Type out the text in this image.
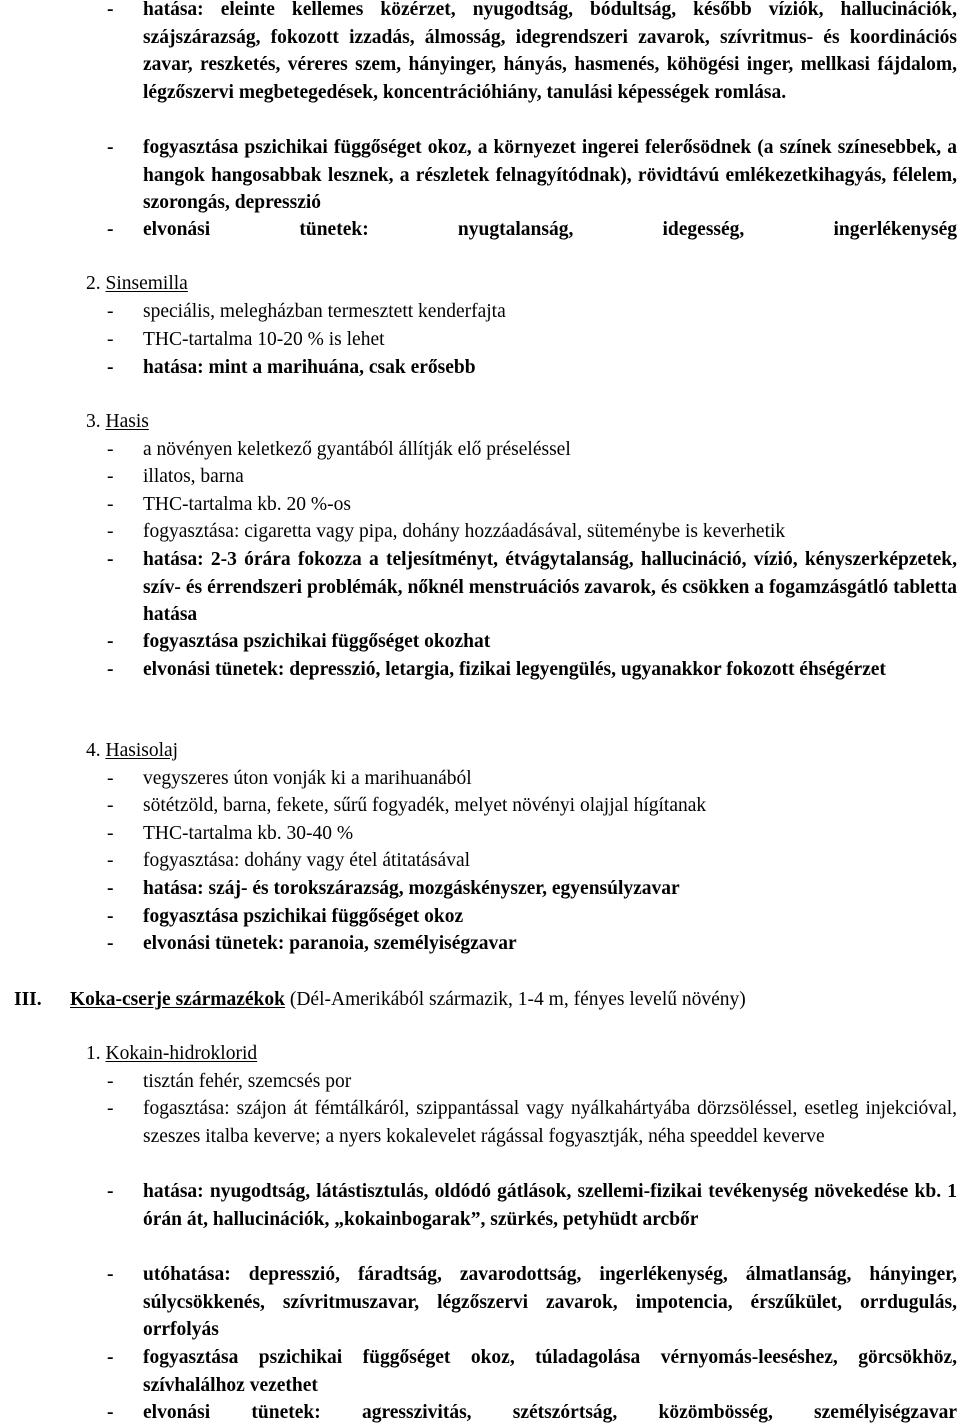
- hatása: eleinte kellemes közérzet, nyugodtság, bódultság, később víziók, hallucinációk, szájszárazság, fokozott izzadás, álmosság, idegrendszeri zavarok, szívritmus- és koordinációs zavar, reszketés, véreres szem, hányinger, hányás, hasmenés, köhögési inger, mellkasi fájdalom, légzőszervi megbetegedések, koncentrációhiány, tanulási képességek romlása.
- fogyasztása pszichikai függőséget okoz, a környezet ingerei felerősödnek (a színek színesebbek, a hangok hangosabbak lesznek, a részletek felnagyítódnak), rövidtávú emlékezetkihagyás, félelem, szorongás, depresszió
- elvonási tünetek: nyugtalanság, idegesség, ingerlékenység
2. Sinsemilla
- speciális, melegházban termesztett kenderfajta
- THC-tartalma 10-20 % is lehet
- hatása: mint a marihuána, csak erősebb
3. Hasis
- a növényen keletkező gyantából állítják elő préseléssel
- illatos, barna
- THC-tartalma kb. 20 %-os
- fogyasztása: cigaretta vagy pipa, dohány hozzáadásával, süteménybe is keverhetik
- hatása: 2-3 órára fokozza a teljesítményt, étvágytalanság, hallucináció, vízió, kényszerképzetek, szív- és érrendszeri problémák, nőknél menstruációs zavarok, és csökken a fogamzásgátló tabletta hatása
- fogyasztása pszichikai függőséget okozhat
- elvonási tünetek: depresszió, letargia, fizikai legyengülés, ugyanakkor fokozott éhségérzet
4. Hasisolaj
- vegyszeres úton vonják ki a marihuanából
- sötétzöld, barna, fekete, sűrű fogyadék, melyet növényi olajjal hígítanak
- THC-tartalma kb. 30-40 %
- fogyasztása: dohány vagy étel átitatásával
- hatása: száj- és torokszárazság, mozgáskényszer, egyensúlyzavar
- fogyasztása pszichikai függőséget okoz
- elvonási tünetek: paranoia, személyiségzavar
III. Koka-cserje származékok (Dél-Amerikából származik, 1-4 m, fényes levelű növény)
1. Kokain-hidroklorid
- tisztán fehér, szemcsés por
- fogasztása: szájon át fémtálkáról, szippantással vagy nyálkahártyába dörzsöléssel, esetleg injekcióval, szeszes italba keverve; a nyers kokalevelet rágással fogyasztják, néha speeddel keverve
- hatása: nyugodtság, látástisztulás, oldódó gátlások, szellemi-fizikai tevékenység növekedése kb. 1 órán át, hallucinációk, „kokainbogarak”, szürkés, petyhüdt arcbőr
- utóhatása: depresszió, fáradtság, zavarodottság, ingerlékenység, álmatlanság, hányinger, súlycsökkenés, szívritmuszavar, légzőszervi zavarok, impotencia, érszűkület, orrdugulás, orrfolyás
- fogyasztása pszichikai függőséget okoz, túladagolása vérnyomás-leeséshez, görcsökhöz, szívhalálhoz vezethet
- elvonási tünetek: agresszivitás, szétszórtság, közömbösség, személyiségzavar
